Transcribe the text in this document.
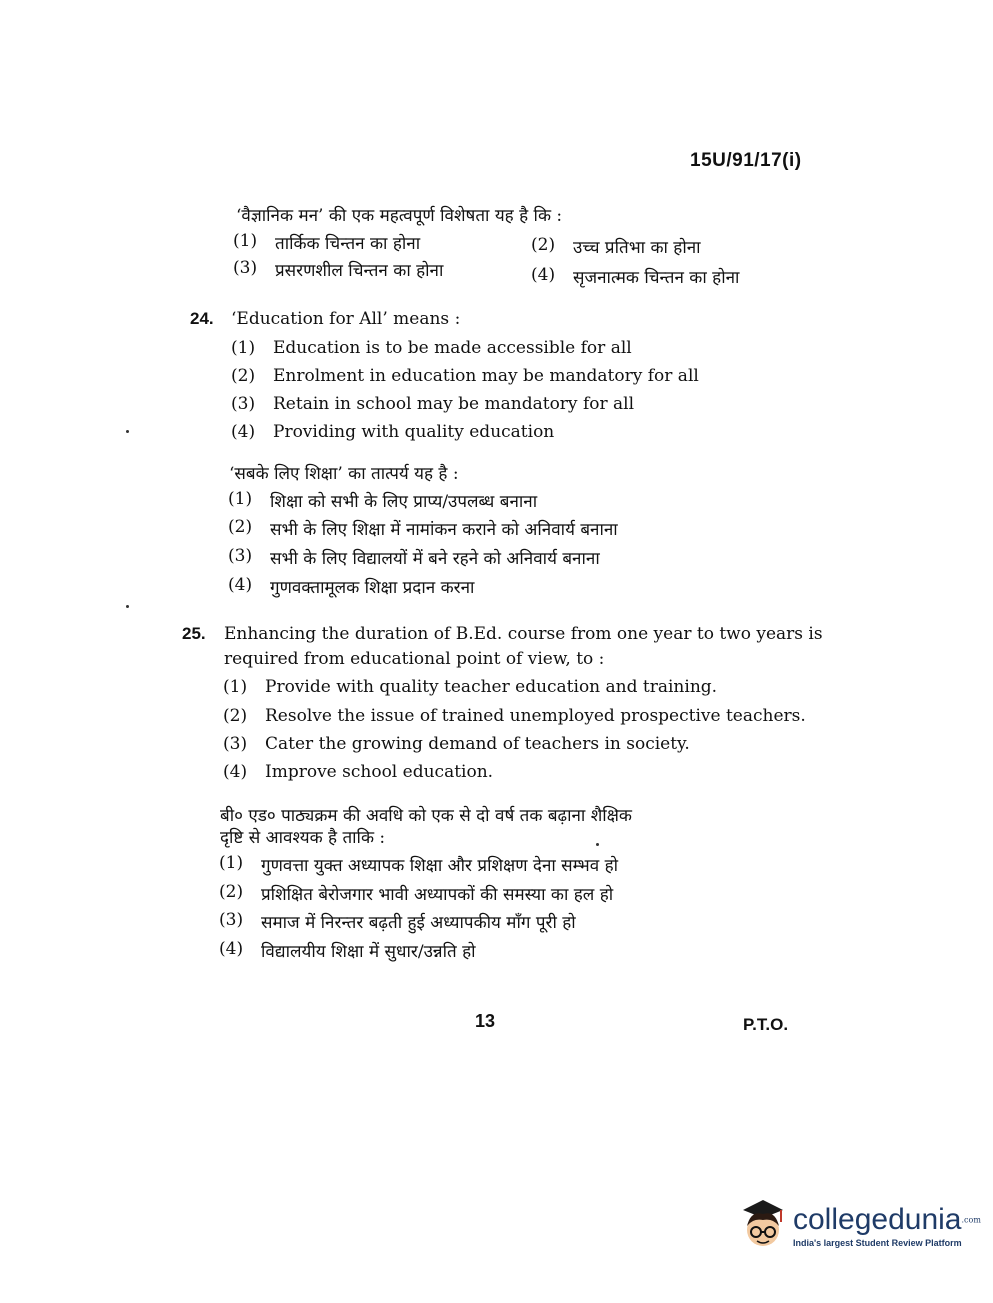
15U/91/17(i)
‘वैज्ञानिक मन’ की एक महत्वपूर्ण विशेषता यह है कि :
(1)	तार्किक चिन्तन का होना	(2)	उच्च प्रतिभा का होना
(3)	प्रसरणशील चिन्तन का होना	(4)	सृजनात्मक चिन्तन का होना
24. ‘Education for All’ means :
(1)	Education is to be made accessible for all
(2)	Enrolment in education may be mandatory for all
(3)	Retain in school may be mandatory for all
(4)	Providing with quality education
‘सबके लिए शिक्षा’ का तात्पर्य यह है :
(1)	शिक्षा को सभी के लिए प्राप्य/उपलब्ध बनाना
(2)	सभी के लिए शिक्षा में नामांकन कराने को अनिवार्य बनाना
(3)	सभी के लिए विद्यालयों में बने रहने को अनिवार्य बनाना
(4)	गुणवक्तामूलक शिक्षा प्रदान करना
25. Enhancing the duration of B.Ed. course from one year to two years is
required from educational point of view, to :
(1)	Provide with quality teacher education and training.
(2)	Resolve the issue of trained unemployed prospective teachers.
(3)	Cater the growing demand of teachers in society.
(4)	Improve school education.
बी० एड० पाठ्यक्रम की अवधि को एक से दो वर्ष तक बढ़ाना शैक्षिक
दृष्टि से आवश्यक है ताकि :
(1)	गुणवत्ता युक्त अध्यापक शिक्षा और प्रशिक्षण देना सम्भव हो
(2)	प्रशिक्षित बेरोजगार भावी अध्यापकों की समस्या का हल हो
(3)	समाज में निरन्तर बढ़ती हुई अध्यापकीय माँग पूरी हो
(4)	विद्यालयीय शिक्षा में सुधार/उन्नति हो
13	P.T.O.
collegedunia$^{.com}$
India's largest Student Review Platform
